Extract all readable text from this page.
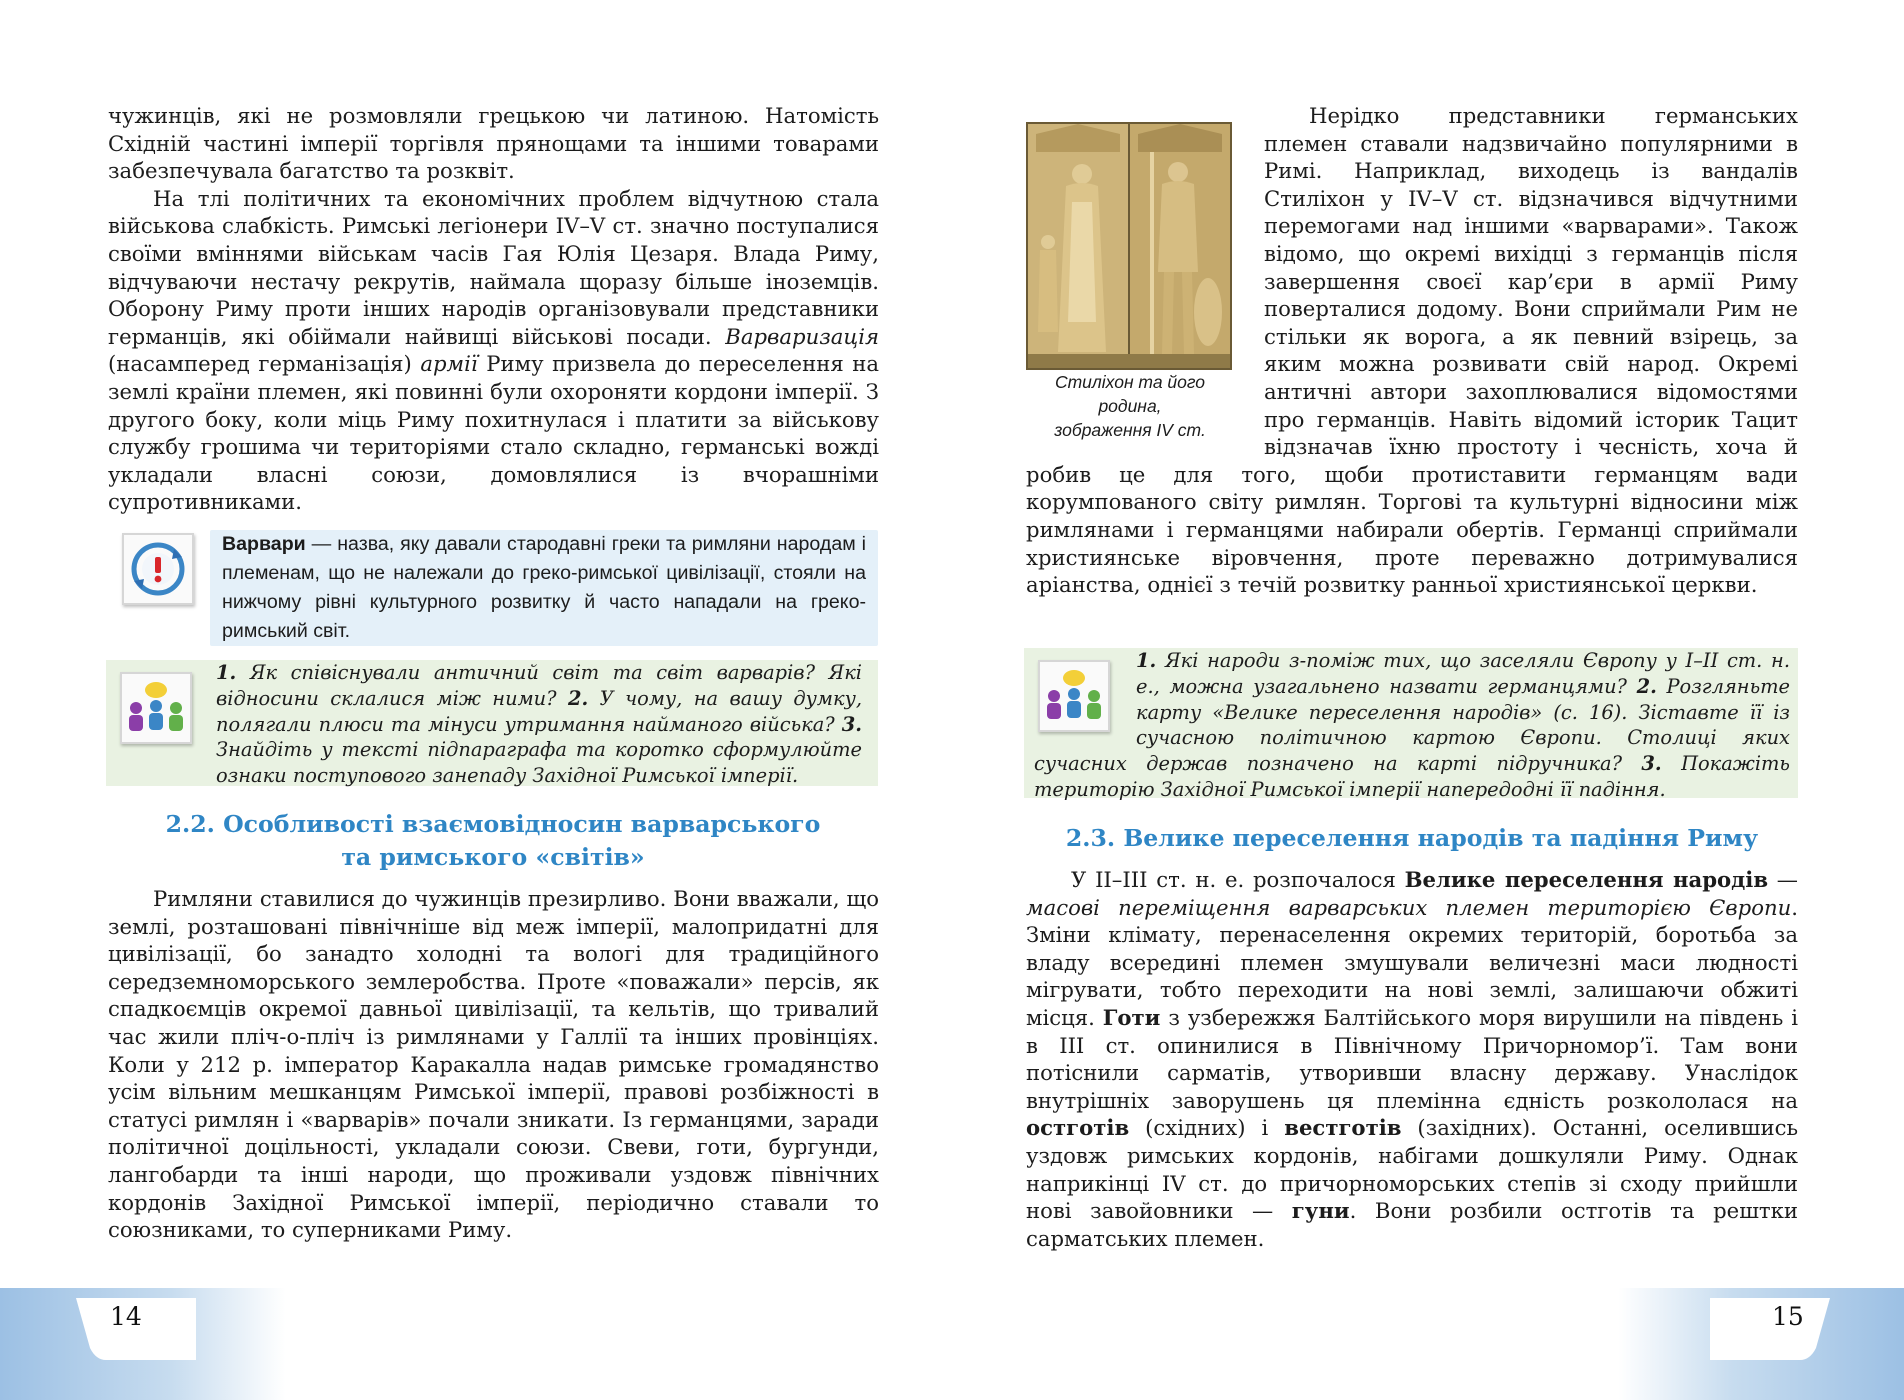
чужинців, які не розмовляли грецькою чи латиною. Натомість Східній частині імперії торгівля прянощами та іншими товарами забезпечувала багатство та розквіт.

На тлі політичних та економічних проблем відчутною стала військова слабкість. Римські легіонери IV–V ст. значно поступалися своїми вміннями військам часів Гая Юлія Цезаря. Влада Риму, відчуваючи нестачу рекрутів, наймала щоразу більше іноземців. Оборону Риму проти інших народів організовували представники германців, які обіймали найвищі військові посади. Варваризація (насамперед германізація) армії Риму призвела до переселення на землі країни племен, які повинні були охороняти кордони імперії. З другого боку, коли міць Риму похитнулася і платити за військову службу грошима чи територіями стало складно, германські вожді укладали власні союзи, домовлялися із вчорашніми супротивниками.

Варвари — назва, яку давали стародавні греки та римляни народам і племенам, що не належали до греко-римської цивілізації, стояли на нижчому рівні культурного розвитку й часто нападали на греко-римський світ.

1. Як співіснували античний світ та світ варварів? Які відносини склалися між ними? 2. У чому, на вашу думку, полягали плюси та мінуси утримання найманого війська? 3. Знайдіть у тексті підпараграфа та коротко сформулюйте ознаки поступового занепаду Західної Римської імперії.

2.2. Особливості взаємовідносин варварського
та римського «світів»

Римляни ставилися до чужинців презирливо. Вони вважали, що землі, розташовані північніше від меж імперії, малопридатні для цивілізації, бо занадто холодні та вологі для традиційного середземноморського землеробства. Проте «поважали» персів, як спадкоємців окремої давньої цивілізації, та кельтів, що тривалий час жили пліч-о-пліч із римлянами у Галлії та інших провінціях. Коли у 212 р. імператор Каракалла надав римське громадянство усім вільним мешканцям Римської імперії, правові розбіжності в статусі римлян і «варварів» почали зникати. Із германцями, заради політичної доцільності, укладали союзи. Свеви, готи, бургунди, лангобарди та інші народи, що проживали уздовж північних кордонів Західної Римської імперії, періодично ставали то союзниками, то суперниками Риму.

14

Стиліхон та його родина,
зображення IV ст.

Нерідко представники германських племен ставали надзвичайно популярними в Римі. Наприклад, виходець із вандалів Стиліхон у IV–V ст. відзначився відчутними перемогами над іншими «варварами». Також відомо, що окремі вихідці з германців після завершення своєї кар’єри в армії Риму поверталися додому. Вони сприймали Рим не стільки як ворога, а як певний взірець, за яким можна розвивати свій народ. Окремі античні автори захоплювалися відомостями про германців. Навіть відомий історик Тацит відзначав їхню простоту і чесність, хоча й робив це для того, щоби протиставити германцям вади корумпованого світу римлян. Торгові та культурні відносини між римлянами і германцями набирали обертів. Германці сприймали християнське віровчення, проте переважно дотримувалися аріанства, однієї з течій розвитку ранньої християнської церкви.

1. Які народи з-поміж тих, що заселяли Європу у I–II ст. н. е., можна узагальнено назвати германцями? 2. Розгляньте карту «Велике переселення народів» (с. 16). Зіставте її із сучасною політичною картою Європи. Столиці яких сучасних держав позначено на карті підручника? 3. Покажіть територію Західної Римської імперії напередодні її падіння.

2.3. Велике переселення народів та падіння Риму

У II–III ст. н. е. розпочалося Велике переселення народів — масові переміщення варварських племен територією Європи. Зміни клімату, перенаселення окремих територій, боротьба за владу всередині племен змушували величезні маси людності мігрувати, тобто переходити на нові землі, залишаючи обжиті місця. Готи з узбережжя Балтійського моря вирушили на південь і в III ст. опинилися в Північному Причорномор’ї. Там вони потіснили сарматів, утворивши власну державу. Унаслідок внутрішніх заворушень ця племінна єдність розкололася на остготів (східних) і вестготів (західних). Останні, оселившись уздовж римських кордонів, набігами дошкуляли Риму. Однак наприкінці IV ст. до причорноморських степів зі сходу прийшли нові завойовники — гуни. Вони розбили остготів та рештки сарматських племен.

15
